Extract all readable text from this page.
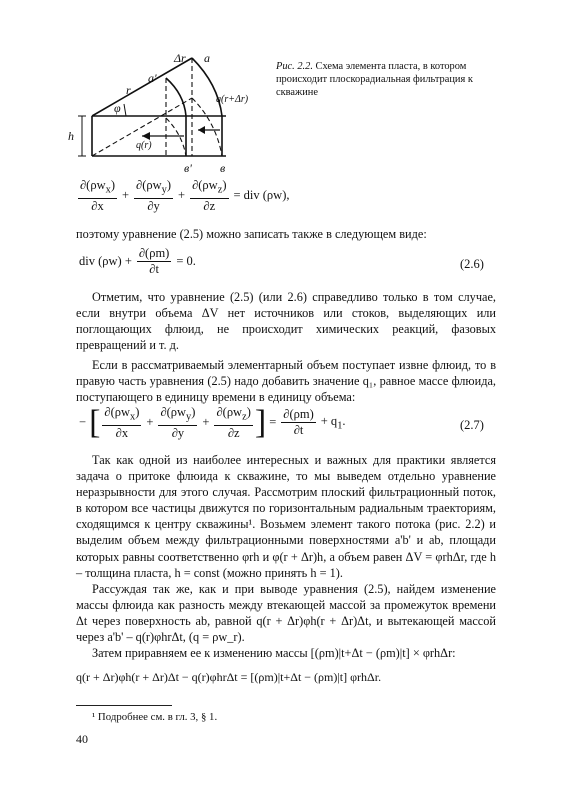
Δr a
a'
r
φ
q(r+Δr)
q(r)
h
в' в
Рис. 2.2. Схема элемента пласта, в котором происходит плоскорадиальная фильтрация к скважине
$\frac{\partial(\rho w_x)}{\partial x} + \frac{\partial(\rho w_y)}{\partial y} + \frac{\partial(\rho w_z)}{\partial z}$ = div (ρw),
поэтому уравнение (2.5) можно записать также в следующем виде:
div $(\rho w) + \frac{\partial(\rho m)}{\partial t} = 0$.	(2.6)
Отметим, что уравнение (2.5) (или 2.6) справедливо только в том случае, если внутри объема ΔV нет источников или стоков, выделяющих или поглощающих флюид, не происходит химических реакций, фазовых превращений и т. д.
Если в рассматриваемый элементарный объем поступает извне флюид, то в правую часть уравнения (2.5) надо добавить значение q₁, равное массе флюида, поступающего в единицу времени в единицу объема:
−[ $\frac{\partial(\rho w_x)}{\partial x} + \frac{\partial(\rho w_y)}{\partial y} + \frac{\partial(\rho w_z)}{\partial z}$ ] = $\frac{\partial(\rho m)}{\partial t} + q_1$.	(2.7)
Так как одной из наиболее интересных и важных для практики является задача о притоке флюида к скважине, то мы выведем отдельно уравнение неразрывности для этого случая. Рассмотрим плоский фильтрационный поток, в котором все частицы движутся по горизонтальным радиальным траекториям, сходящимся к центру скважины¹. Возьмем элемент такого потока (рис. 2.2) и выделим объем между фильтрационными поверхностями a'b' и ab, площади которых равны соответственно φrh и φ(r + Δr)h, а объем равен ΔV = φrhΔr, где h – толщина пласта, h = const (можно принять h = 1).
Рассуждая так же, как и при выводе уравнения (2.5), найдем изменение массы флюида как разность между втекающей массой за промежуток времени Δt через поверхность ab, равной q(r + Δr)φh(r + Δr)Δt, и вытекающей массой через a'b' – q(r)φhrΔt, (q = ρw_r).
Затем приравняем ее к изменению массы [(ρm)|t+Δt − (ρm)|t] × φrhΔr:
q(r + Δr)φh(r + Δr)Δt − q(r)φhrΔt = [(ρm)|t+Δt − (ρm)|t] φrhΔr.
¹ Подробнее см. в гл. 3, § 1.
40
